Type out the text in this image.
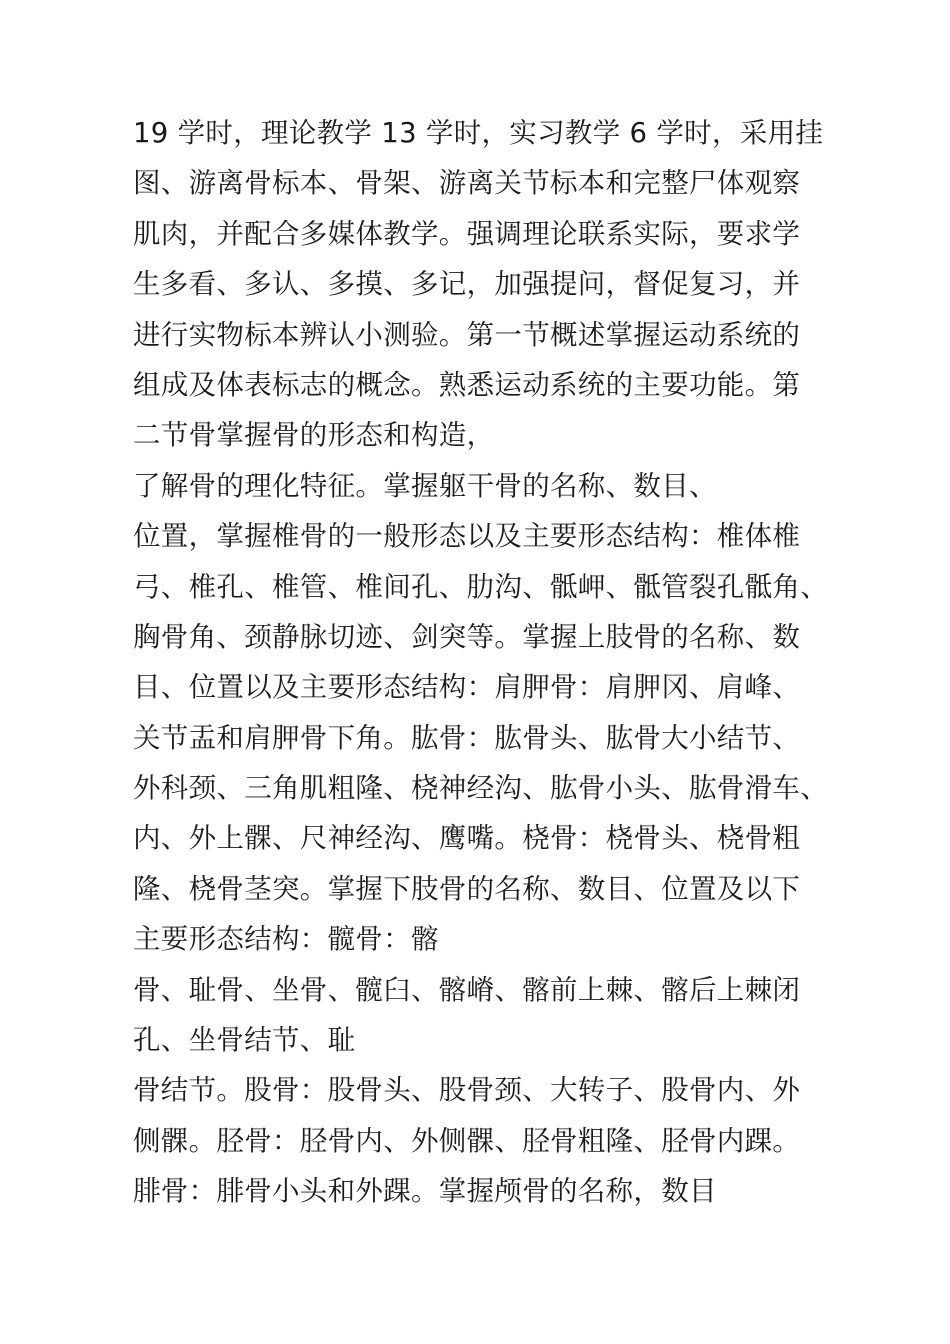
19 学时，理论教学 13 学时，实习教学 6 学时，采用挂
图、游离骨标本、骨架、游离关节标本和完整尸体观察
肌肉，并配合多媒体教学。强调理论联系实际，要求学
生多看、多认、多摸、多记，加强提问，督促复习，并
进行实物标本辨认小测验。第一节概述掌握运动系统的
组成及体表标志的概念。熟悉运动系统的主要功能。第
二节骨掌握骨的形态和构造，
了解骨的理化特征。掌握躯干骨的名称、数目、
位置，掌握椎骨的一般形态以及主要形态结构：椎体椎
弓、椎孔、椎管、椎间孔、肋沟、骶岬、骶管裂孔骶角、
胸骨角、颈静脉切迹、剑突等。掌握上肢骨的名称、数
目、位置以及主要形态结构：肩胛骨：肩胛冈、肩峰、
关节盂和肩胛骨下角。肱骨：肱骨头、肱骨大小结节、
外科颈、三角肌粗隆、桡神经沟、肱骨小头、肱骨滑车、
内、外上髁、尺神经沟、鹰嘴。桡骨：桡骨头、桡骨粗
隆、桡骨茎突。掌握下肢骨的名称、数目、位置及以下
主要形态结构：髋骨：髂
骨、耻骨、坐骨、髋臼、髂嵴、髂前上棘、髂后上棘闭
孔、坐骨结节、耻
骨结节。股骨：股骨头、股骨颈、大转子、股骨内、外
侧髁。胫骨：胫骨内、外侧髁、胫骨粗隆、胫骨内踝。
腓骨：腓骨小头和外踝。掌握颅骨的名称，数目
